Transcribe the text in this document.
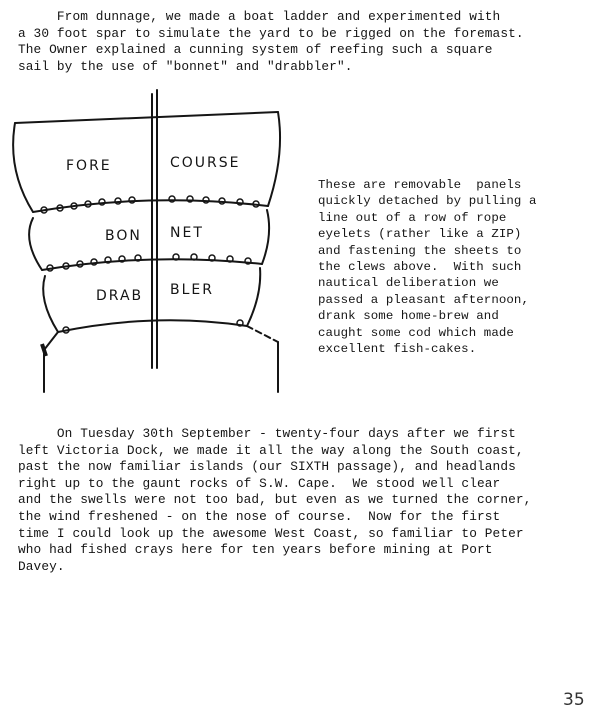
From dunnage, we made a boat ladder and experimented with
a 30 foot spar to simulate the yard to be rigged on the foremast.
The Owner explained a cunning system of reefing such a square
sail by the use of "bonnet" and "drabbler".
FORE	COURSE
BON NET
DRAB BLER
These are removable  panels
quickly detached by pulling a
line out of a row of rope
eyelets (rather like a ZIP)
and fastening the sheets to
the clews above.  With such
nautical deliberation we
passed a pleasant afternoon,
drank some home-brew and
caught some cod which made
excellent fish-cakes.
On Tuesday 30th September - twenty-four days after we first
left Victoria Dock, we made it all the way along the South coast,
past the now familiar islands (our SIXTH passage), and headlands
right up to the gaunt rocks of S.W. Cape.  We stood well clear
and the swells were not too bad, but even as we turned the corner,
the wind freshened - on the nose of course.  Now for the first
time I could look up the awesome West Coast, so familiar to Peter
who had fished crays here for ten years before mining at Port
Davey.
35
